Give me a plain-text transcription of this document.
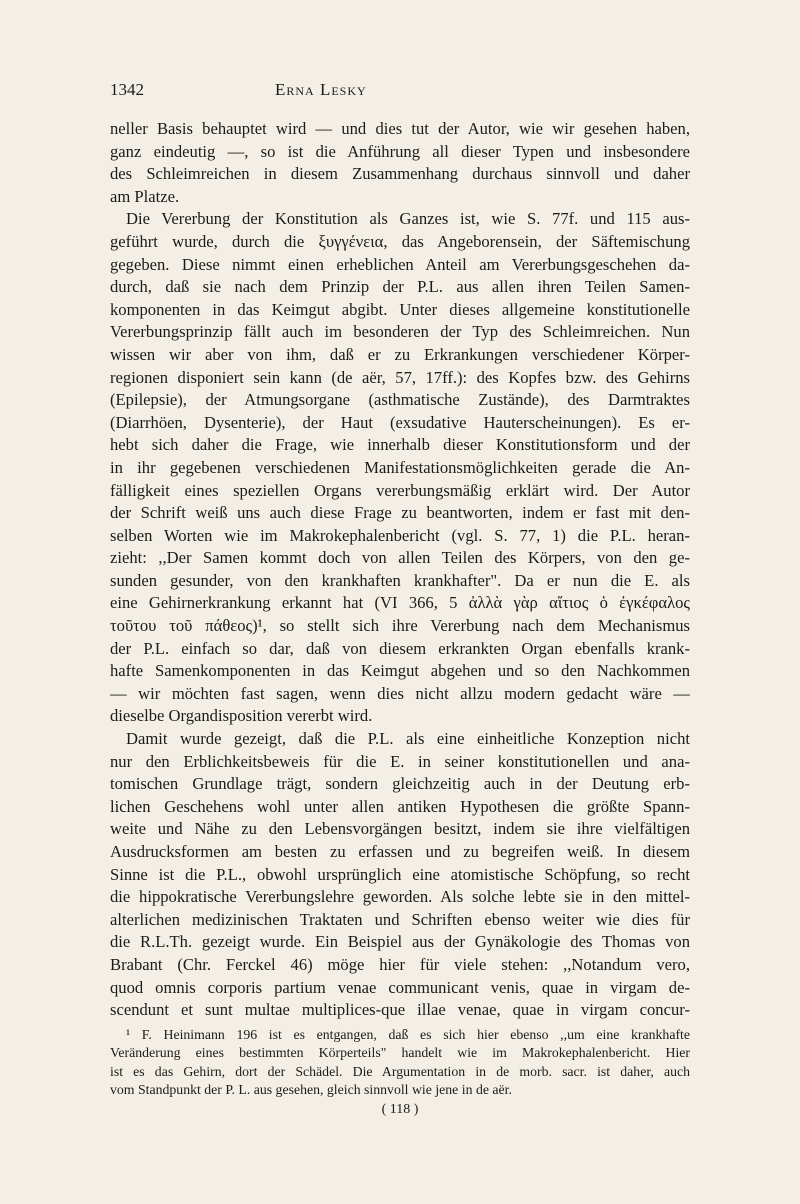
1342	Erna Lesky
neller Basis behauptet wird — und dies tut der Autor, wie wir gesehen haben,
ganz eindeutig —, so ist die Anführung all dieser Typen und insbesondere
des Schleimreichen in diesem Zusammenhang durchaus sinnvoll und daher
am Platze.
Die Vererbung der Konstitution als Ganzes ist, wie S. 77f. und 115 aus-
geführt wurde, durch die ξυγγένεια, das Angeborensein, der Säftemischung
gegeben. Diese nimmt einen erheblichen Anteil am Vererbungsgeschehen da-
durch, daß sie nach dem Prinzip der P.L. aus allen ihren Teilen Samen-
komponenten in das Keimgut abgibt. Unter dieses allgemeine konstitutionelle
Vererbungsprinzip fällt auch im besonderen der Typ des Schleimreichen. Nun
wissen wir aber von ihm, daß er zu Erkrankungen verschiedener Körper-
regionen disponiert sein kann (de aër, 57, 17ff.): des Kopfes bzw. des Gehirns
(Epilepsie), der Atmungsorgane (asthmatische Zustände), des Darmtraktes
(Diarrhöen, Dysenterie), der Haut (exsudative Hauterscheinungen). Es er-
hebt sich daher die Frage, wie innerhalb dieser Konstitutionsform und der
in ihr gegebenen verschiedenen Manifestationsmöglichkeiten gerade die An-
fälligkeit eines speziellen Organs vererbungsmäßig erklärt wird. Der Autor
der Schrift weiß uns auch diese Frage zu beantworten, indem er fast mit den-
selben Worten wie im Makrokephalenbericht (vgl. S. 77, 1) die P.L. heran-
zieht: ,,Der Samen kommt doch von allen Teilen des Körpers, von den ge-
sunden gesunder, von den krankhaften krankhafter". Da er nun die E. als
eine Gehirnerkrankung erkannt hat (VI 366, 5 ἀλλὰ γὰρ αἴτιος ὁ ἐγκέφαλος
τοῦτου τοῦ πάθεος)¹, so stellt sich ihre Vererbung nach dem Mechanismus
der P.L. einfach so dar, daß von diesem erkrankten Organ ebenfalls krank-
hafte Samenkomponenten in das Keimgut abgehen und so den Nachkommen
— wir möchten fast sagen, wenn dies nicht allzu modern gedacht wäre —
dieselbe Organdisposition vererbt wird.
Damit wurde gezeigt, daß die P.L. als eine einheitliche Konzeption nicht
nur den Erblichkeitsbeweis für die E. in seiner konstitutionellen und ana-
tomischen Grundlage trägt, sondern gleichzeitig auch in der Deutung erb-
lichen Geschehens wohl unter allen antiken Hypothesen die größte Spann-
weite und Nähe zu den Lebensvorgängen besitzt, indem sie ihre vielfältigen
Ausdrucksformen am besten zu erfassen und zu begreifen weiß. In diesem
Sinne ist die P.L., obwohl ursprünglich eine atomistische Schöpfung, so recht
die hippokratische Vererbungslehre geworden. Als solche lebte sie in den mittel-
alterlichen medizinischen Traktaten und Schriften ebenso weiter wie dies für
die R.L.Th. gezeigt wurde. Ein Beispiel aus der Gynäkologie des Thomas von
Brabant (Chr. Ferckel 46) möge hier für viele stehen: ,,Notandum vero,
quod omnis corporis partium venae communicant venis, quae in virgam de-
scendunt et sunt multae multiplices-que illae venae, quae in virgam concur-
¹ F. Heinimann 196 ist es entgangen, daß es sich hier ebenso ,,um eine krankhafte
Veränderung eines bestimmten Körperteils" handelt wie im Makrokephalenbericht. Hier
ist es das Gehirn, dort der Schädel. Die Argumentation in de morb. sacr. ist daher, auch
vom Standpunkt der P. L. aus gesehen, gleich sinnvoll wie jene in de aër.
( 118 )
